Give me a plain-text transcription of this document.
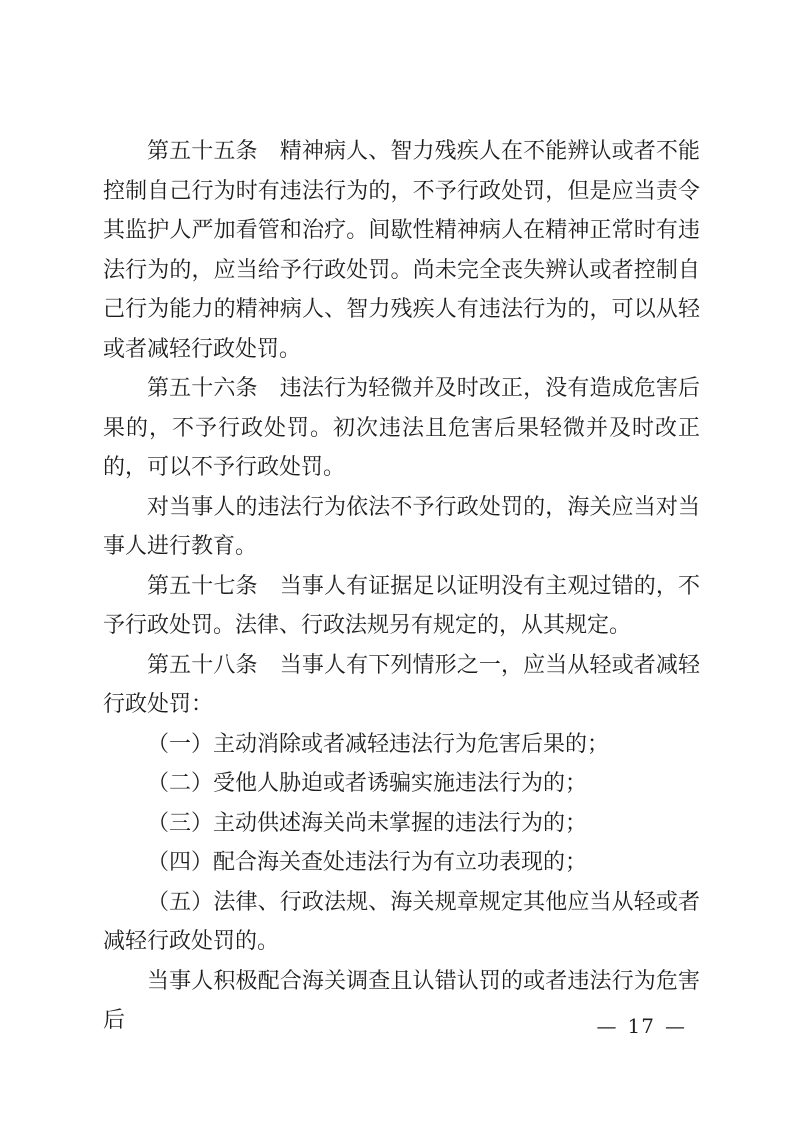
第五十五条　精神病人、智力残疾人在不能辨认或者不能控制自己行为时有违法行为的，不予行政处罚，但是应当责令其监护人严加看管和治疗。间歇性精神病人在精神正常时有违法行为的，应当给予行政处罚。尚未完全丧失辨认或者控制自己行为能力的精神病人、智力残疾人有违法行为的，可以从轻或者减轻行政处罚。

第五十六条　违法行为轻微并及时改正，没有造成危害后果的，不予行政处罚。初次违法且危害后果轻微并及时改正的，可以不予行政处罚。

对当事人的违法行为依法不予行政处罚的，海关应当对当事人进行教育。

第五十七条　当事人有证据足以证明没有主观过错的，不予行政处罚。法律、行政法规另有规定的，从其规定。

第五十八条　当事人有下列情形之一，应当从轻或者减轻行政处罚：

（一）主动消除或者减轻违法行为危害后果的；

（二）受他人胁迫或者诱骗实施违法行为的；

（三）主动供述海关尚未掌握的违法行为的；

（四）配合海关查处违法行为有立功表现的；

（五）法律、行政法规、海关规章规定其他应当从轻或者减轻行政处罚的。

当事人积极配合海关调查且认错认罚的或者违法行为危害后	— 17 —
